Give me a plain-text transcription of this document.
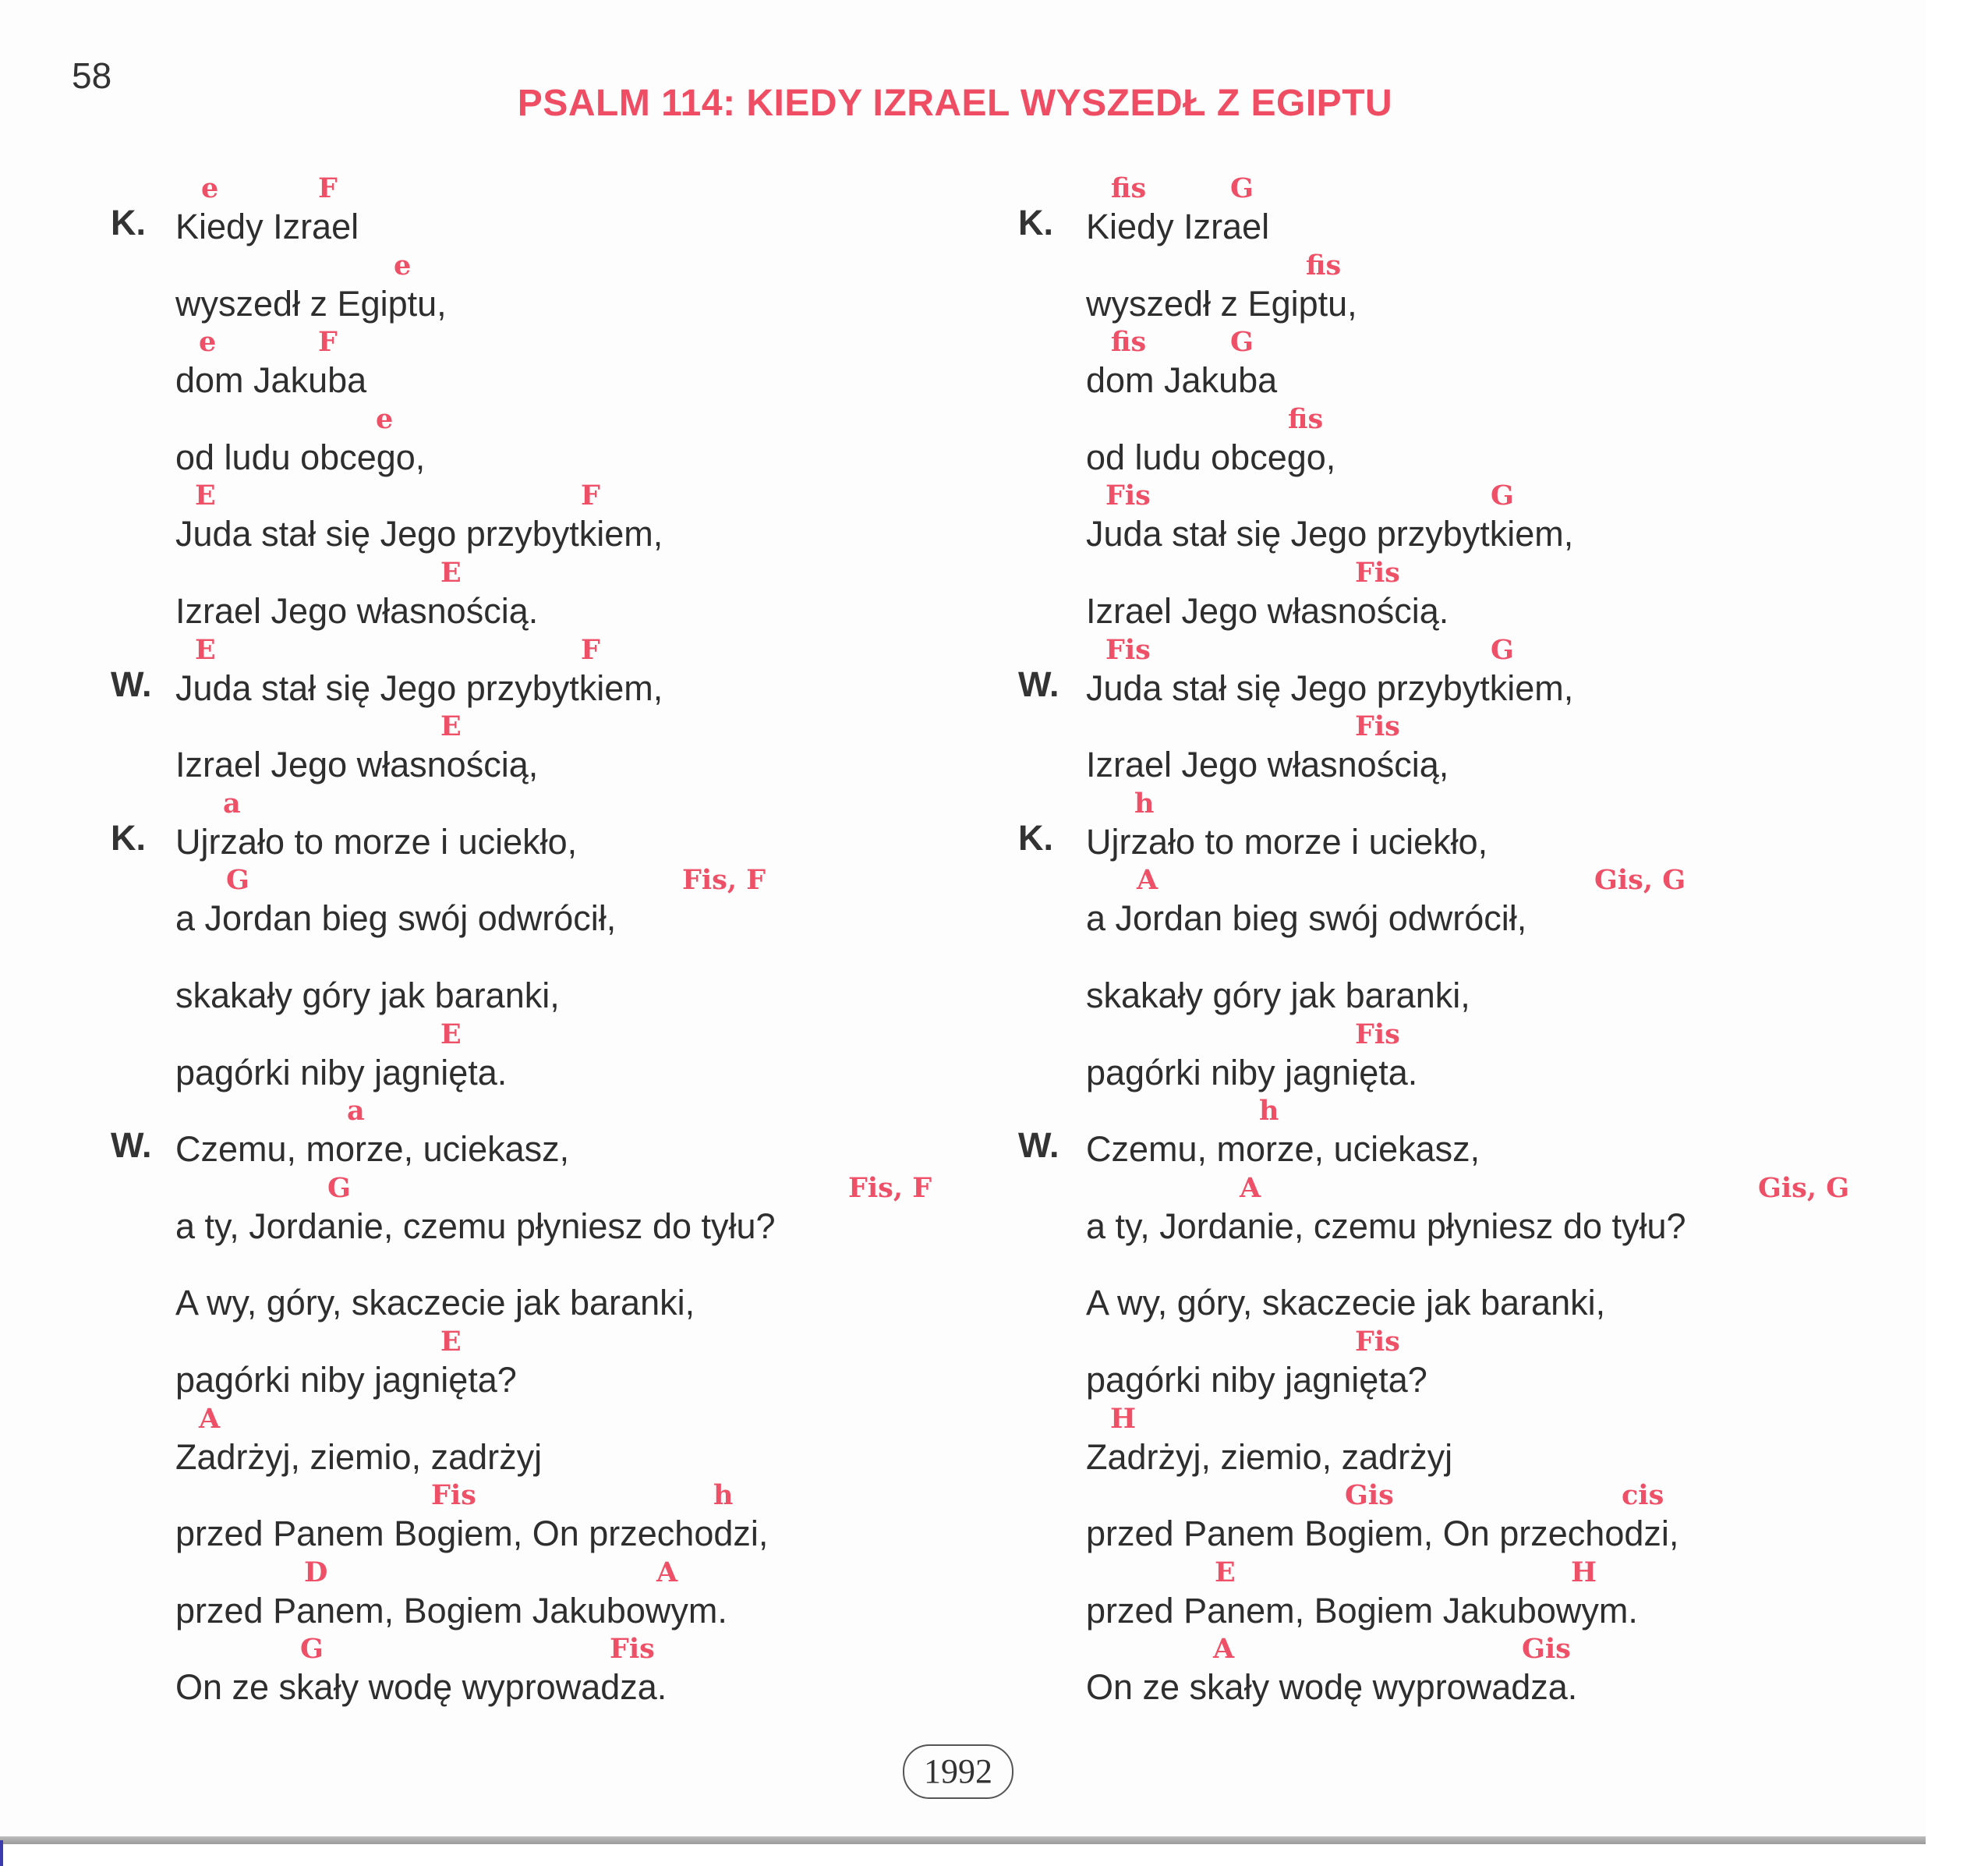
58
PSALM 114: KIEDY IZRAEL WYSZEDŁ Z EGIPTU
Kiedy Izrael
e	F
wyszedł z Egiptu,
e
dom Jakuba
e	F
od ludu obcego,
e
Juda stał się Jego przybytkiem,
E	F
Izrael Jego własnością.
E
Juda stał się Jego przybytkiem,
E	F
Izrael Jego własnością,
E
Ujrzało to morze i uciekło,
a
a Jordan bieg swój odwrócił,
G	Fis, F
skakały góry jak baranki,
pagórki niby jagnięta.
E
Czemu, morze, uciekasz,
a
a ty, Jordanie, czemu płyniesz do tyłu?
G	Fis, F
A wy, góry, skaczecie jak baranki,
pagórki niby jagnięta?
E
Zadrżyj, ziemio, zadrżyj
A
przed Panem Bogiem, On przechodzi,
Fis	h
przed Panem, Bogiem Jakubowym.
D	A
On ze skały wodę wyprowadza.
G	Fis
K.
W.
K.
W.
Kiedy Izrael
fis	G
wyszedł z Egiptu,
fis
dom Jakuba
fis	G
od ludu obcego,
fis
Juda stał się Jego przybytkiem,
Fis	G
Izrael Jego własnością.
Fis
Juda stał się Jego przybytkiem,
Fis	G
Izrael Jego własnością,
Fis
Ujrzało to morze i uciekło,
h
a Jordan bieg swój odwrócił,
A	Gis, G
skakały góry jak baranki,
pagórki niby jagnięta.
Fis
Czemu, morze, uciekasz,
h
a ty, Jordanie, czemu płyniesz do tyłu?
A	Gis, G
A wy, góry, skaczecie jak baranki,
pagórki niby jagnięta?
Fis
Zadrżyj, ziemio, zadrżyj
H
przed Panem Bogiem, On przechodzi,
Gis	cis
przed Panem, Bogiem Jakubowym.
E	H
On ze skały wodę wyprowadza.
A	Gis
K.
W.
K.
W.
1992
